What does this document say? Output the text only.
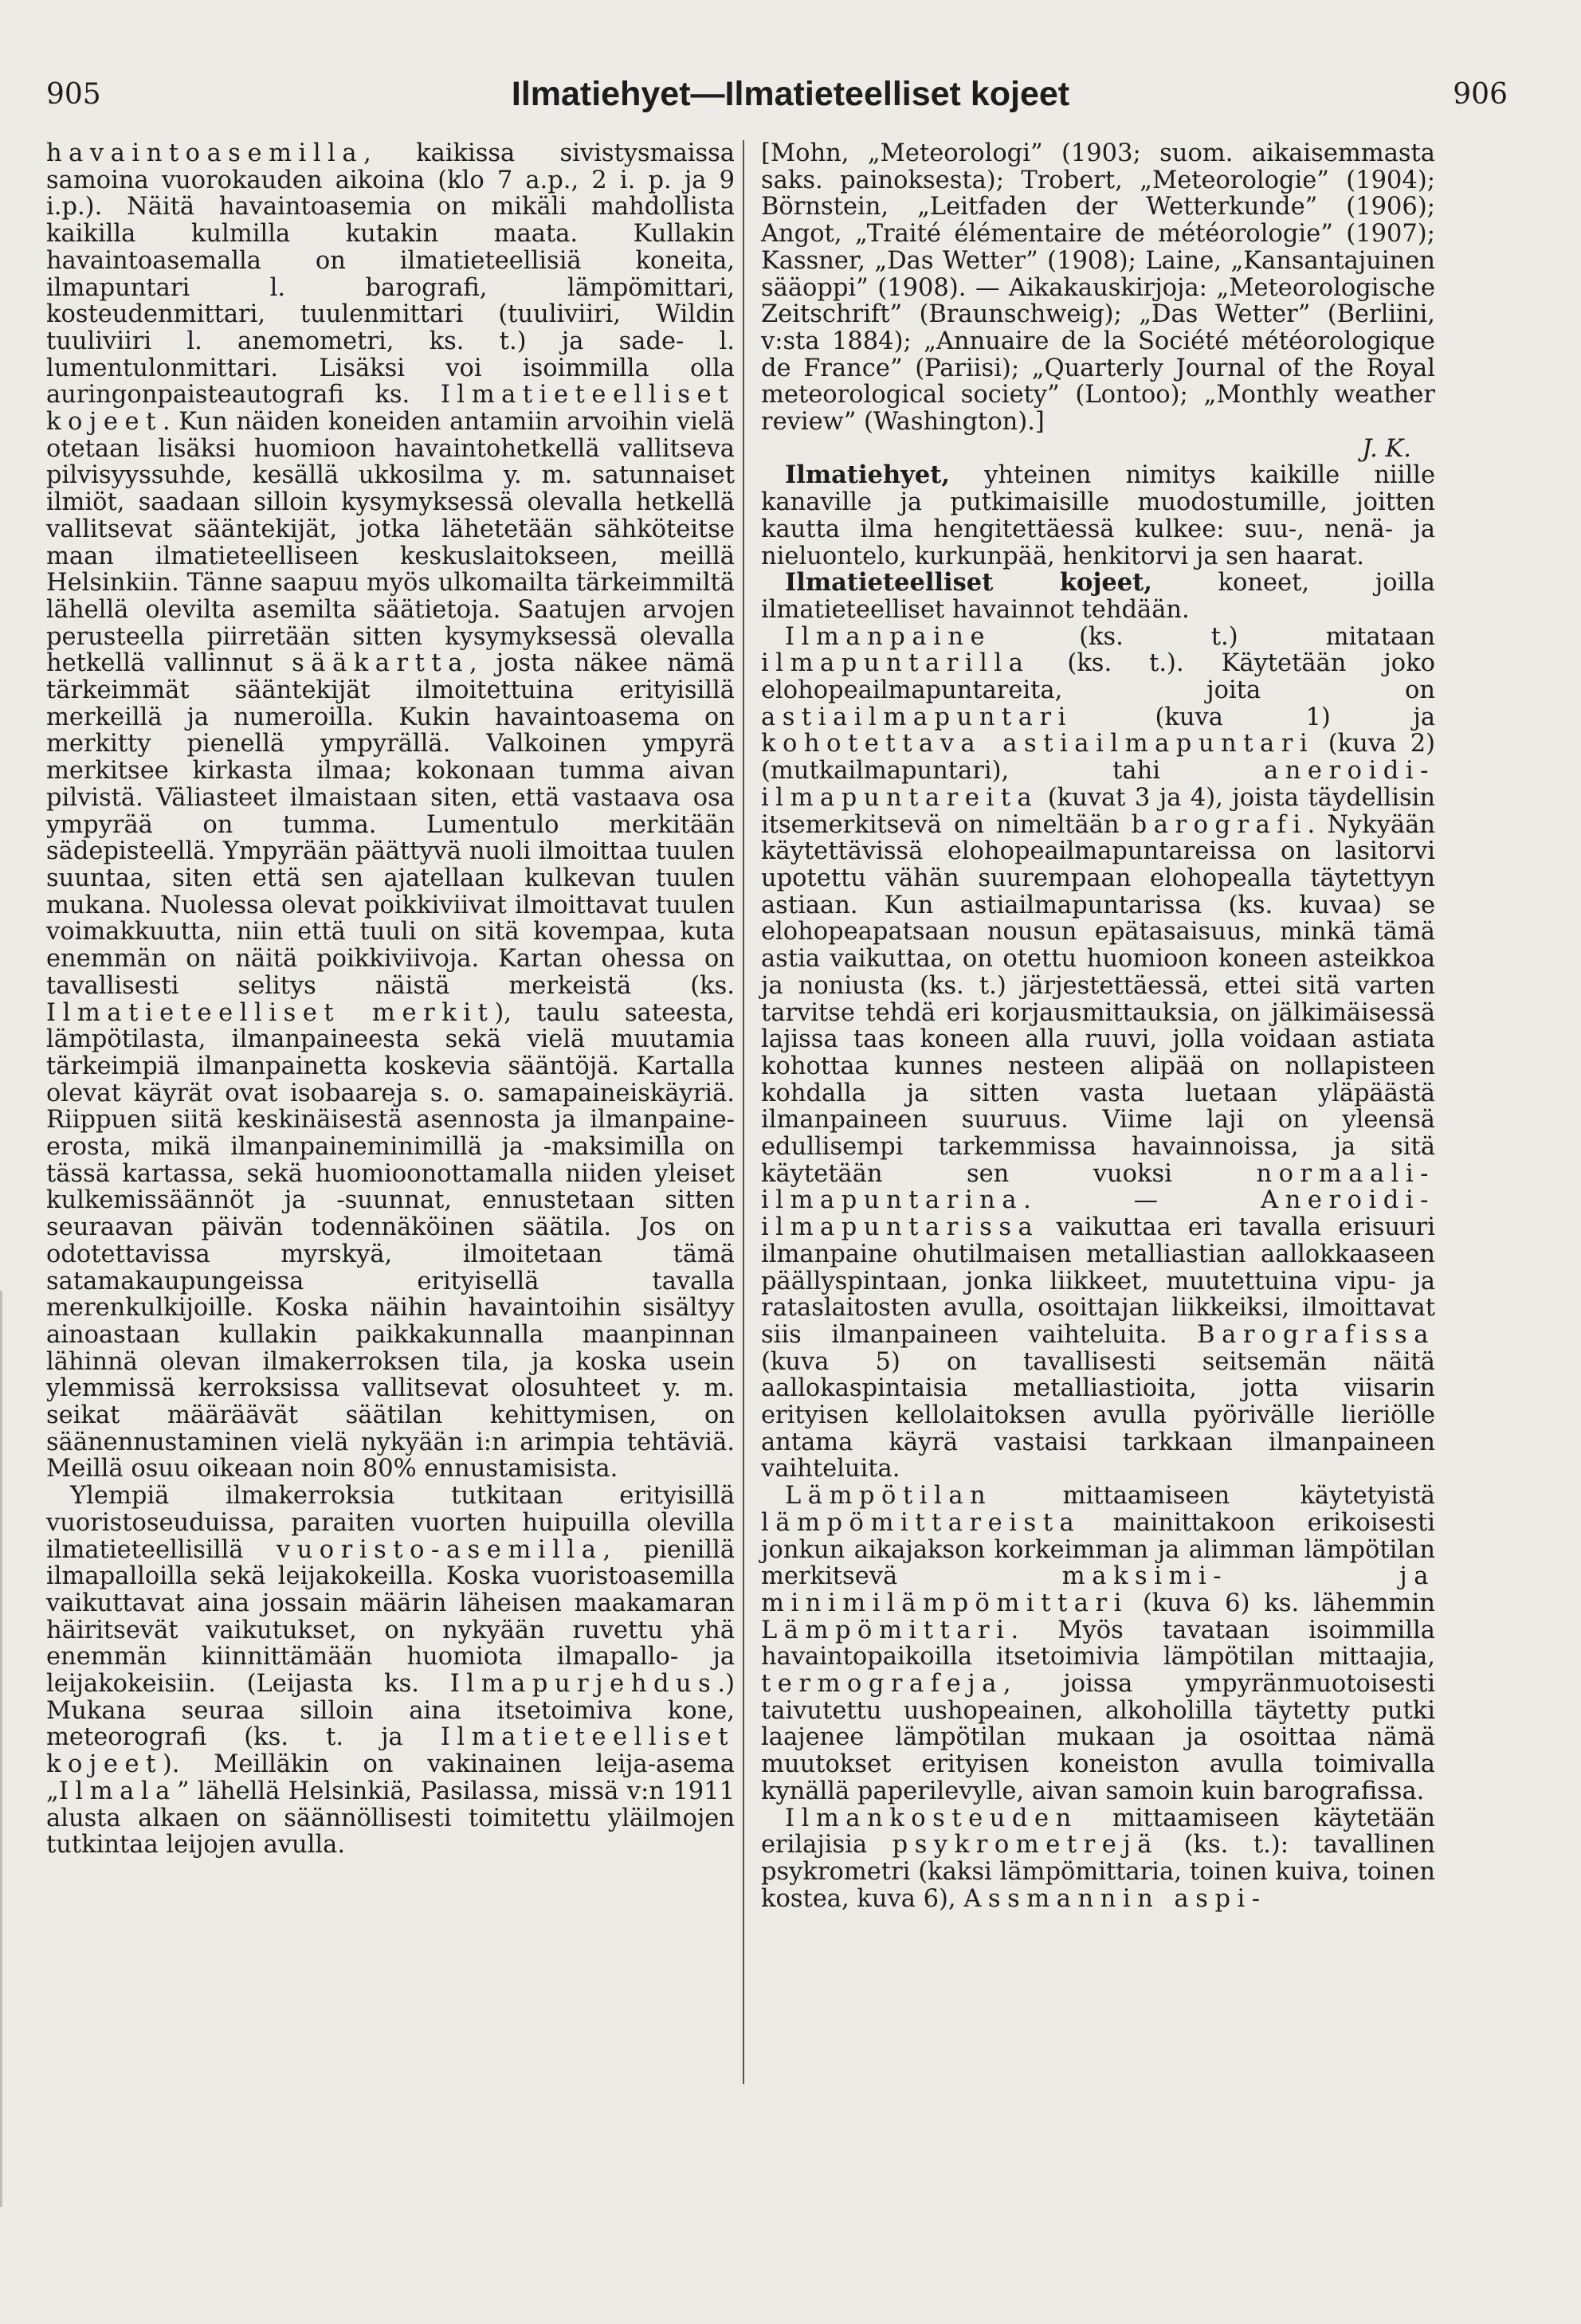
905	Ilmatiehyet—Ilmatieteelliset kojeet	906

havaintoasemilla, kaikissa sivistysmaissa samoina vuorokauden aikoina (klo 7 a.p., 2 i. p. ja 9 i.p.). Näitä havaintoasemia on mikäli mahdollista kaikilla kulmilla kutakin maata. Kullakin havaintoasemalla on ilmatieteellisiä koneita, ilmapuntari l. barografi, lämpömittari, kosteudenmittari, tuulenmittari (tuuliviiri, Wildin tuuliviiri l. anemometri, ks. t.) ja sade- l. lumentulonmittari. Lisäksi voi isoimmilla olla auringonpaisteautografi ks. Ilmatieteelliset kojeet. Kun näiden koneiden antamiin arvoihin vielä otetaan lisäksi huomioon havaintohetkellä vallitseva pilvisyyssuhde, kesällä ukkosilma y. m. satunnaiset ilmiöt, saadaan silloin kysymyksessä olevalla hetkellä vallitsevat sääntekijät, jotka lähetetään sähköteitse maan ilmatieteelliseen keskuslaitokseen, meillä Helsinkiin. Tänne saapuu myös ulkomailta tärkeimmiltä lähellä olevilta asemilta säätietoja. Saatujen arvojen perusteella piirretään sitten kysymyksessä olevalla hetkellä vallinnut sääkartta, josta näkee nämä tärkeimmät sääntekijät ilmoitettuina erityisillä merkeillä ja numeroilla. Kukin havaintoasema on merkitty pienellä ympyrällä. Valkoinen ympyrä merkitsee kirkasta ilmaa; kokonaan tumma aivan pilvistä. Väliasteet ilmaistaan siten, että vastaava osa ympyrää on tumma. Lumentulo merkitään sädepisteellä. Ympyrään päättyvä nuoli ilmoittaa tuulen suuntaa, siten että sen ajatellaan kulkevan tuulen mukana. Nuolessa olevat poikkiviivat ilmoittavat tuulen voimakkuutta, niin että tuuli on sitä kovempaa, kuta enemmän on näitä poikkiviivoja. Kartan ohessa on tavallisesti selitys näistä merkeistä (ks. Ilmatieteelliset merkit), taulu sateesta, lämpötilasta, ilmanpaineesta sekä vielä muutamia tärkeimpiä ilmanpainetta koskevia sääntöjä. Kartalla olevat käyrät ovat isobaareja s. o. samapaineiskäyriä. Riippuen siitä keskinäisestä asennosta ja ilmanpaine-erosta, mikä ilmanpaineminimillä ja -maksimilla on tässä kartassa, sekä huomioonottamalla niiden yleiset kulkemissäännöt ja -suunnat, ennustetaan sitten seuraavan päivän todennäköinen säätila. Jos on odotettavissa myrskyä, ilmoitetaan tämä satamakaupungeissa erityisellä tavalla merenkulkijoille. Koska näihin havaintoihin sisältyy ainoastaan kullakin paikkakunnalla maanpinnan lähinnä olevan ilmakerroksen tila, ja koska usein ylemmissä kerroksissa vallitsevat olosuhteet y. m. seikat määräävät säätilan kehittymisen, on säänennustaminen vielä nykyään i:n arimpia tehtäviä. Meillä osuu oikeaan noin 80% ennustamisista.

Ylempiä ilmakerroksia tutkitaan erityisillä vuoristoseuduissa, paraiten vuorten huipuilla olevilla ilmatieteellisillä vuoristo-asemilla, pienillä ilmapalloilla sekä leijakokeilla. Koska vuoristoasemilla vaikuttavat aina jossain määrin läheisen maakamaran häiritsevät vaikutukset, on nykyään ruvettu yhä enemmän kiinnittämään huomiota ilmapallo- ja leijakokeisiin. (Leijasta ks. Ilmapurjehdus.) Mukana seuraa silloin aina itsetoimiva kone, meteorografi (ks. t. ja Ilmatieteelliset kojeet). Meilläkin on vakinainen leija-asema „Ilmala” lähellä Helsinkiä, Pasilassa, missä v:n 1911 alusta alkaen on säännöllisesti toimitettu yläilmojen tutkintaa leijojen avulla.

[Mohn, „Meteorologi” (1903; suom. aikaisemmasta saks. painoksesta); Trobert, „Meteorologie” (1904); Börnstein, „Leitfaden der Wetterkunde” (1906); Angot, „Traité élémentaire de météorologie” (1907); Kassner, „Das Wetter” (1908); Laine, „Kansantajuinen sääoppi” (1908). — Aikakauskirjoja: „Meteorologische Zeitschrift” (Braunschweig); „Das Wetter” (Berliini, v:sta 1884); „Annuaire de la Société météorologique de France” (Pariisi); „Quarterly Journal of the Royal meteorological society” (Lontoo); „Monthly weather review” (Washington).]

J. K.

Ilmatiehyet, yhteinen nimitys kaikille niille kanaville ja putkimaisille muodostumille, joitten kautta ilma hengitettäessä kulkee: suu-, nenä- ja nieluontelo, kurkunpää, henkitorvi ja sen haarat.

Ilmatieteelliset kojeet, koneet, joilla ilmatieteelliset havainnot tehdään.

Ilmanpaine (ks. t.) mitataan ilmapuntarilla (ks. t.). Käytetään joko elohopeailmapuntareita, joita on astiailmapuntari (kuva 1) ja kohotettava astiailmapuntari (kuva 2) (mutkailmapuntari), tahi aneroidi-ilmapuntareita (kuvat 3 ja 4), joista täydellisin itsemerkitsevä on nimeltään barografi. Nykyään käytettävissä elohopeailmapuntareissa on lasitorvi upotettu vähän suurempaan elohopealla täytettyyn astiaan. Kun astiailmapuntarissa (ks. kuvaa) se elohopeapatsaan nousun epätasaisuus, minkä tämä astia vaikuttaa, on otettu huomioon koneen asteikkoa ja noniusta (ks. t.) järjestettäessä, ettei sitä varten tarvitse tehdä eri korjausmittauksia, on jälkimäisessä lajissa taas koneen alla ruuvi, jolla voidaan astiata kohottaa kunnes nesteen alipää on nollapisteen kohdalla ja sitten vasta luetaan yläpäästä ilmanpaineen suuruus. Viime laji on yleensä edullisempi tarkemmissa havainnoissa, ja sitä käytetään sen vuoksi normaali-ilmapuntarina. — Aneroidi-ilmapuntarissa vaikuttaa eri tavalla erisuuri ilmanpaine ohutilmaisen metalliastian aallokkaaseen päällyspintaan, jonka liikkeet, muutettuina vipu- ja rataslaitosten avulla, osoittajan liikkeiksi, ilmoittavat siis ilmanpaineen vaihteluita. Barografissa (kuva 5) on tavallisesti seitsemän näitä aallokaspintaisia metalliastioita, jotta viisarin erityisen kellolaitoksen avulla pyörivälle lieriölle antama käyrä vastaisi tarkkaan ilmanpaineen vaihteluita.

Lämpötilan mittaamiseen käytetyistä lämpömittareista mainittakoon erikoisesti jonkun aikajakson korkeimman ja alimman lämpötilan merkitsevä maksimi- ja minimilämpömittari (kuva 6) ks. lähemmin Lämpömittari. Myös tavataan isoimmilla havaintopaikoilla itsetoimivia lämpötilan mittaajia, termografeja, joissa ympyränmuotoisesti taivutettu uushopeainen, alkoholilla täytetty putki laajenee lämpötilan mukaan ja osoittaa nämä muutokset erityisen koneiston avulla toimivalla kynällä paperilevylle, aivan samoin kuin barografissa.

Ilmankosteuden mittaamiseen käytetään erilajisia psykrometrejä (ks. t.): tavallinen psykrometri (kaksi lämpömittaria, toinen kuiva, toinen kostea, kuva 6), Assmannin aspi-
